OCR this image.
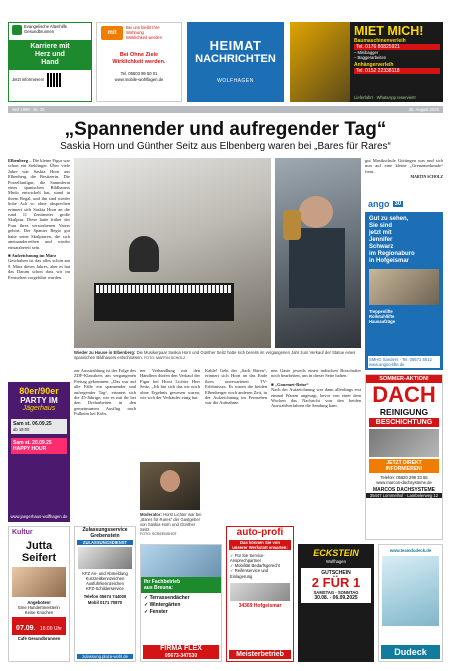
Evangelische Altenhilfe
Gesundbrunnen
Karriere mit
Herz und
Hand
Jetzt informieren!
mit
Bei uns bleibt Ihre
Wohnung
Wirklichkeit werden
Bei Ohne Ziele
Wirklichkeit werden.
Tel. 05603 99 50 01
www.mobile-wohlfagen.de
HEIMAT
NACHRICHTEN
WOLFHAGEN
MIET MICH!
Baumaschinenverleih
Tel. 0176 80825921
– Minibagger
– Baggerarbeiten
Anhängerverleih
Tel. 0152 22338118
Lieferfahrt · WhatsApp reserviert!
Seit 1998 · Nr. 35	30. August 2025
„Spannender und aufregender Tag“
Saskia Horn und Günther Seitz aus Elbenberg waren bei „Bares für Rares“
Elbenberg – Die kleine Figur war schon ein Sieblinger. Über viele Jahre war Saskia Horn aus Elbenberg die Besitzerin. Die Porzellanfigur, die Sammlerin eines spanischen Bildhauers Mudo entwickelt hat, stand in ihrem Regal, und ihn sind wieder hohe Ach so ohne absprechen erinnert sich Saskia Horn an die rund 11 Zentimeter große Skulptur. Diese hatte früher der Frau ihres verstorbenen Vaters gehört. Der Spanier Regio gut hatte seine Skulpturen, die sich aneinanderreihen und wieder einsatzbereit sein.
■ Aufzeichnung im März
Geschahen ist das alles schon am 9. März dieses Jahres, aber es hat das Datum schon dass wir im Fernsehen vorgeführt wurden.
gut Musikschule Göttingen was und sich nun auf eine kleine „Grenzmerkmale“ freut.
MARTIN SCHOLZ
Wieder zu Hause in Elbenberg: Die Musikerpaar Saskia Horn und Günther Seitz hatte sich bereits im vergangenen Jahr zum Verkauf der Statue eines spanischen Bildhauers entschlossen. FOTO: MARTIN SCHOLZ
80er/90er
PARTY IM
Jägerhaus
Sam st. 06.09.25
ab 19:00
Sam st. 20.09.25
HAPPY HOUR
www.jaegerhaus-wolfhagen.de
zur Ausstrahlung ist der Folge des ZDF-Klassikers am vergangenen Freitag gekommen. „Das war auf alle Fälle ein spannender und aufregender Tag“, erinnert sich die 45-Jährige, wie es mit ihr bei den Dreharbeiten in den gemeinsamen Ausflug nach Pulheim bei Köln.
ner Verhandlung mit den Händlern dürfen den Verkauf der Figur bei Horst Lichter Herr Seitz, „Ich bin sich das wir noch ohne Ergebnis gewesen waren, wie sich der Verkäufer einig hat.
Moderator: Horst Lichter war bei „Bares für Rares“ der Gastgeber von Saskia Horn und Günther Seitz.
FOTO: SCREENSHOT
Kahle! Geht der „Sack Bären“, erinnert sich Horn an das Ende ihres unerwarteten TV-Erlebnisses. Es waren die beiden Elbenberger noch anderen Zeit, in der Aufzeichnung im Fernsehen war die Aufnahme.
nen Gäste jeweils einen indischen Botschafter noch bearbeiten, um in dieser Seite halten.
■ „Gourmet-Reise“
Nach der Aufzeichnung war dann allerdings erst einmal Warten angesagt, bevor von einer dem Wochen das Nachricht von den beiden Auswahlverfahren die Sendung kam.
ango 30
Gut zu sehen,
Sie sind
jetzt mit
Jennifer
Schwarz
im Regionaburo
in Hofgeismar
Treppenlifte
Rollstuhllifte
Hausaufzüge
SMHG Sanders · Tel. 05671 5012 · www.angoo-lifte.de
SOMMER-AKTION!
DACH
REINIGUNG
BESCHICHTUNG
JETZT DIREKT
INFORMIEREN!
Telefon: 05620 299 33 55
www.marcos-dachsysteme.de
MARCOS DACHSYSTEME
35447 Lommelhof · Lambelerweg 12
Kultur
Jutta
Seifert
Angeboten!
Eine Hundertmeisterin
Keine Knochen
07.09. 16:00 Uhr
Café Gesundbrunnen
Zulassungsservice
Grebenstein
ZULASSUNGSDIENST
KFZ An- und Abmeldung
Kurzzeitkennzeichen
Ausfuhrkennzeichen
KFZ-Schilderservice
Telefon 05674 744000
Mobil 0171 70870
zulassung.plaza-wohl.de
Ihr Fachbetrieb
aus Breuna:
✓ Terrassendächer
✓ Wintergärten
✓ Fenster
FIRMA FLEX
05673-347530
auto-profi
Das können Sie von
unserer Werkstatt erwarten:
✓ Für Sie Service-Ansprechpartner
✓ Mobilität Bedarfsgerecht
✓ Reifenservice und Einlagerung
34369 Hofgeismar
Meisterbetrieb
ECKSTEIN
Wolfhagen
GUTSCHEIN
2 FÜR 1
SAMSTAG - SONNTAG
30.08. - 06.09.2025
www.teamdudeck.de
Dudeck
